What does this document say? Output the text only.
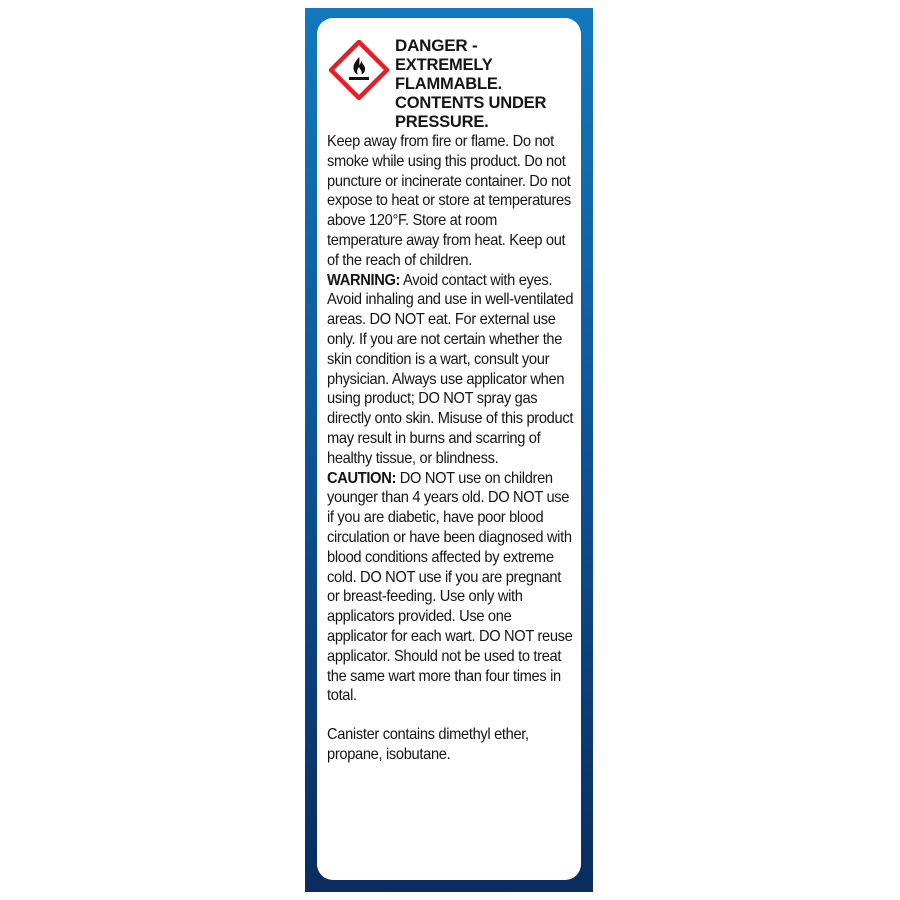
DANGER - EXTREMELY FLAMMABLE. CONTENTS UNDER PRESSURE.

Keep away from fire or flame. Do not smoke while using this product. Do not puncture or incinerate container. Do not expose to heat or store at temperatures above 120°F. Store at room temperature away from heat. Keep out of the reach of children.
WARNING: Avoid contact with eyes. Avoid inhaling and use in well-ventilated areas. DO NOT eat. For external use only. If you are not certain whether the skin condition is a wart, consult your physician. Always use applicator when using product; DO NOT spray gas directly onto skin. Misuse of this product may result in burns and scarring of healthy tissue, or blindness.
CAUTION: DO NOT use on children younger than 4 years old. DO NOT use if you are diabetic, have poor blood circulation or have been diagnosed with blood conditions affected by extreme cold. DO NOT use if you are pregnant or breast-feeding. Use only with applicators provided. Use one applicator for each wart. DO NOT reuse applicator. Should not be used to treat the same wart more than four times in total.

Canister contains dimethyl ether, propane, isobutane.
